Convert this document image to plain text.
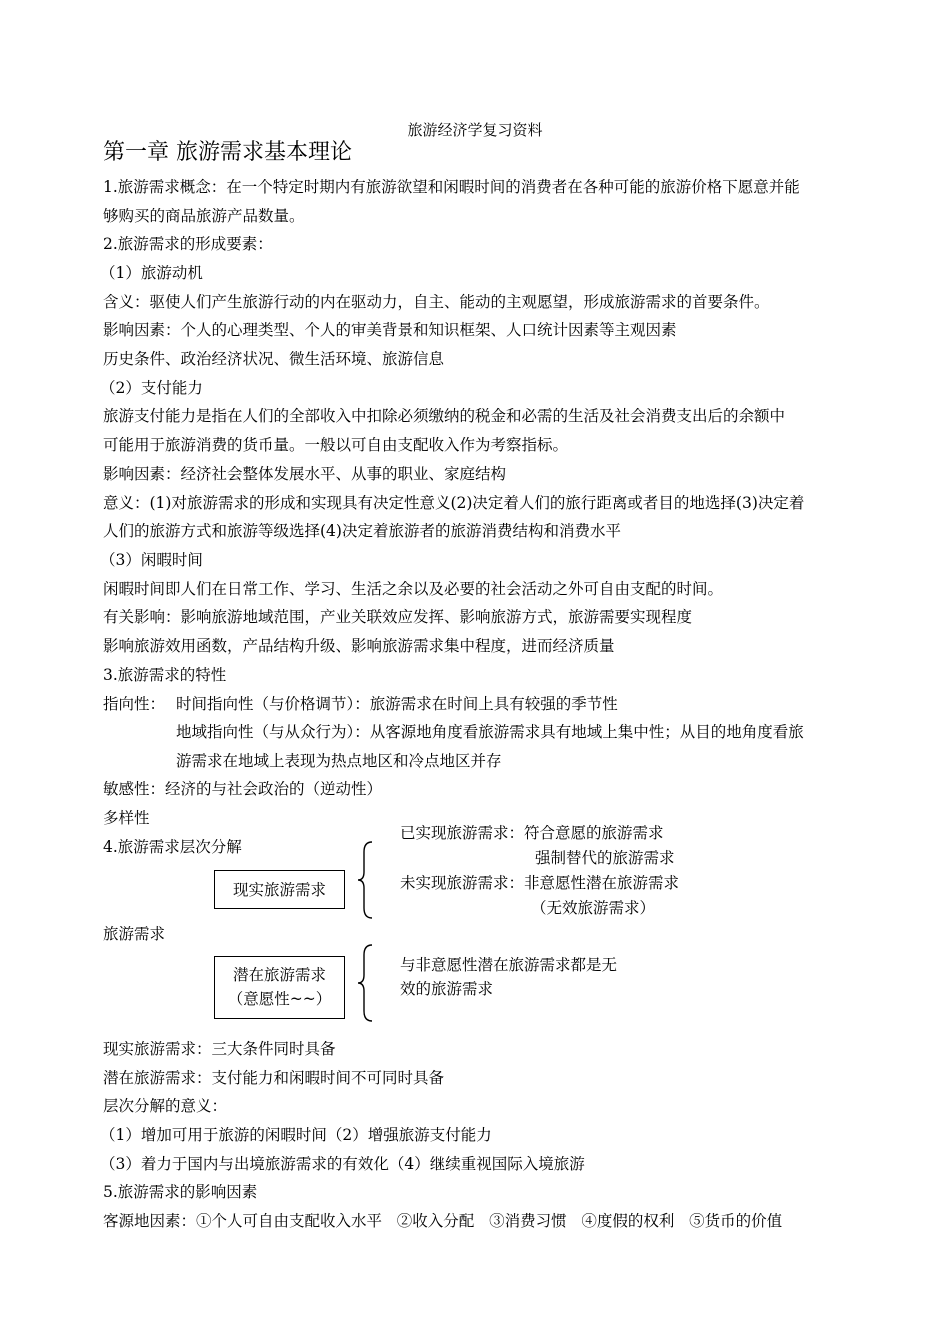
旅游经济学复习资料
第一章 旅游需求基本理论
1.旅游需求概念：在一个特定时期内有旅游欲望和闲暇时间的消费者在各种可能的旅游价格下愿意并能
够购买的商品旅游产品数量。
2.旅游需求的形成要素：
（1）旅游动机
含义：驱使人们产生旅游行动的内在驱动力，自主、能动的主观愿望，形成旅游需求的首要条件。
影响因素：个人的心理类型、个人的审美背景和知识框架、人口统计因素等主观因素
历史条件、政治经济状况、微生活环境、旅游信息
（2）支付能力
旅游支付能力是指在人们的全部收入中扣除必须缴纳的税金和必需的生活及社会消费支出后的余额中
可能用于旅游消费的货币量。一般以可自由支配收入作为考察指标。
影响因素：经济社会整体发展水平、从事的职业、家庭结构
意义：(1)对旅游需求的形成和实现具有决定性意义(2)决定着人们的旅行距离或者目的地选择(3)决定着
人们的旅游方式和旅游等级选择(4)决定着旅游者的旅游消费结构和消费水平
（3）闲暇时间
闲暇时间即人们在日常工作、学习、生活之余以及必要的社会活动之外可自由支配的时间。
有关影响：影响旅游地域范围，产业关联效应发挥、影响旅游方式，旅游需要实现程度
影响旅游效用函数，产品结构升级、影响旅游需求集中程度，进而经济质量
3.旅游需求的特性
指向性： 时间指向性（与价格调节）：旅游需求在时间上具有较强的季节性
地域指向性（与从众行为）：从客源地角度看旅游需求具有地域上集中性；从目的地角度看旅
游需求在地域上表现为热点地区和冷点地区并存
敏感性：经济的与社会政治的（逆动性）
多样性
4.旅游需求层次分解
已实现旅游需求：符合意愿的旅游需求
强制替代的旅游需求
未实现旅游需求：非意愿性潜在旅游需求
（无效旅游需求）
现实旅游需求
旅游需求
潜在旅游需求
（意愿性~~）
与非意愿性潜在旅游需求都是无
效的旅游需求
现实旅游需求：三大条件同时具备
潜在旅游需求：支付能力和闲暇时间不可同时具备
层次分解的意义：
（1）增加可用于旅游的闲暇时间（2）增强旅游支付能力
（3）着力于国内与出境旅游需求的有效化（4）继续重视国际入境旅游
5.旅游需求的影响因素
客源地因素：①个人可自由支配收入水平   ②收入分配   ③消费习惯   ④度假的权利   ⑤货币的价值
